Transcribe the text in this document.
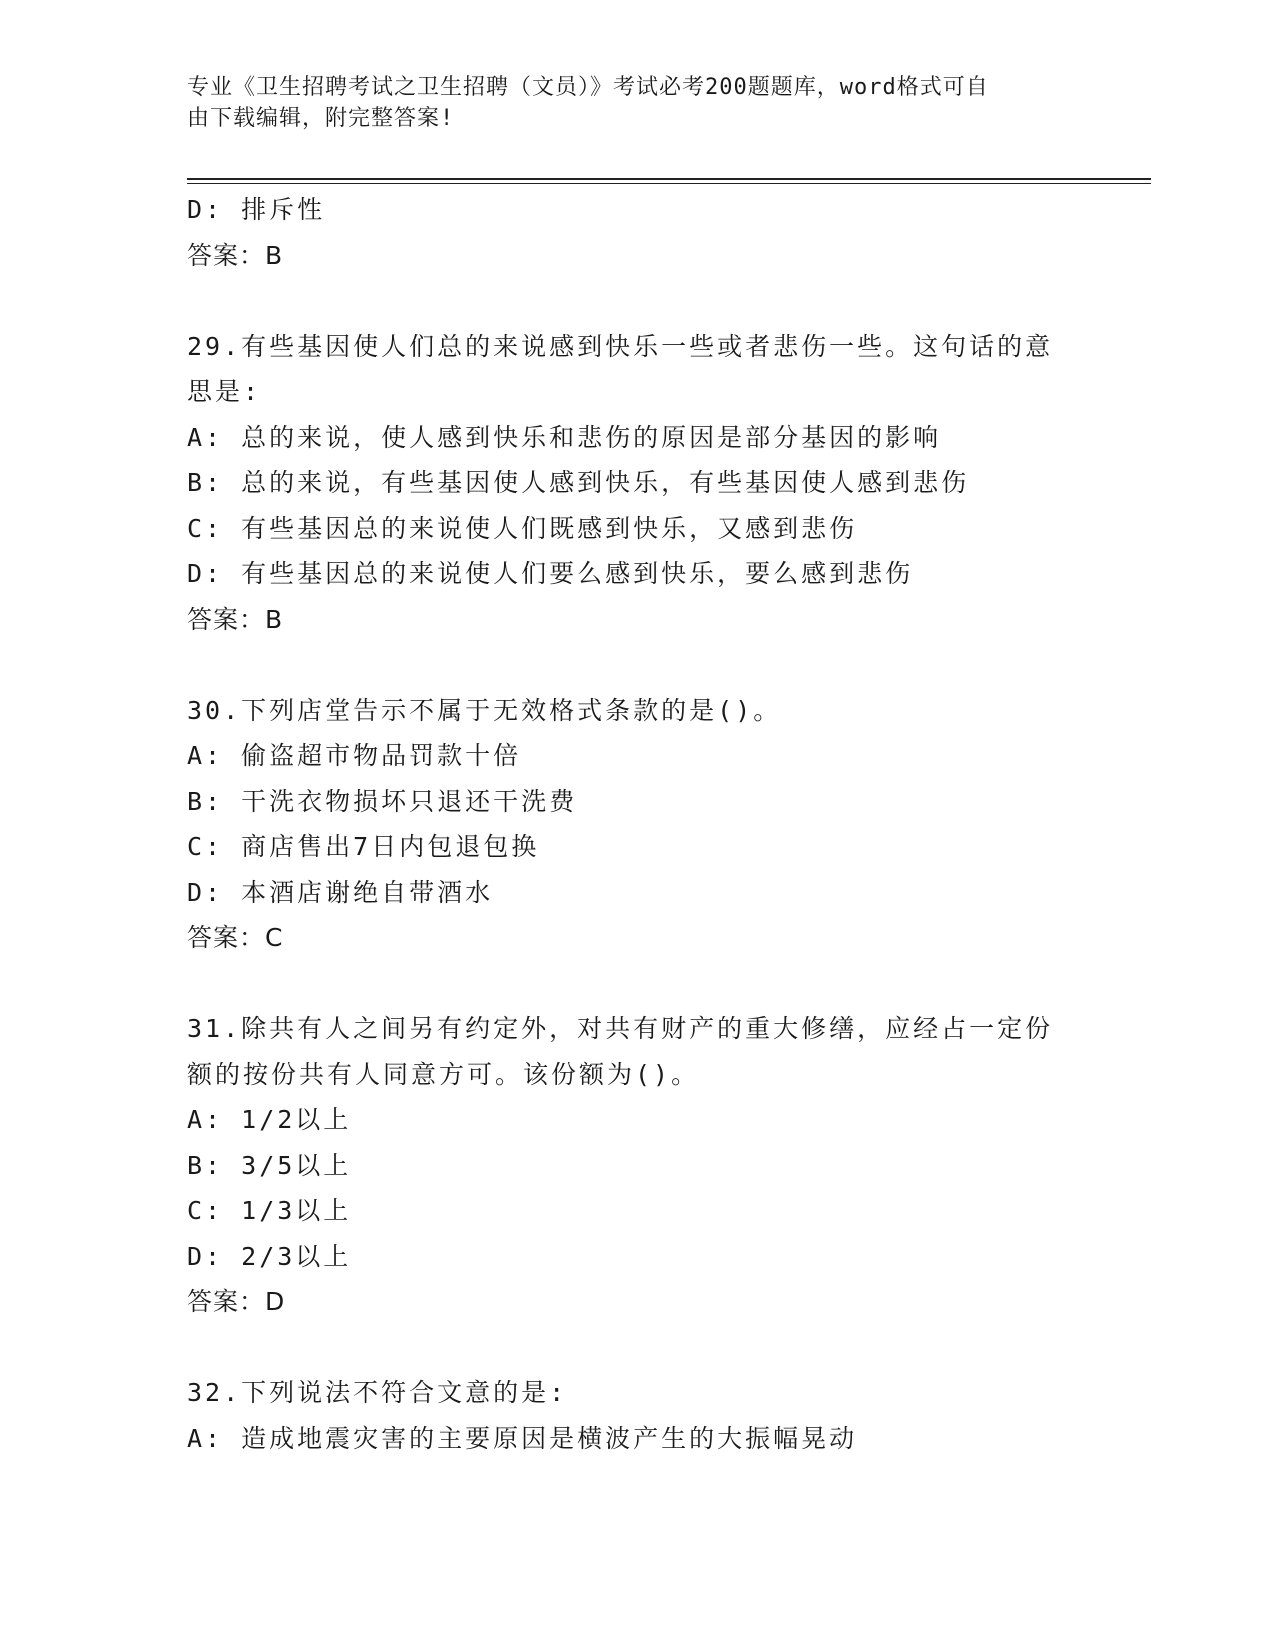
专业《卫生招聘考试之卫生招聘（文员）》考试必考200题题库，word格式可自
由下载编辑，附完整答案!
D: 排斥性
答案：B
29.有些基因使人们总的来说感到快乐一些或者悲伤一些。这句话的意
思是:
A: 总的来说，使人感到快乐和悲伤的原因是部分基因的影响
B: 总的来说，有些基因使人感到快乐，有些基因使人感到悲伤
C: 有些基因总的来说使人们既感到快乐，又感到悲伤
D: 有些基因总的来说使人们要么感到快乐，要么感到悲伤
答案：B
30.下列店堂告示不属于无效格式条款的是()。
A: 偷盗超市物品罚款十倍
B: 干洗衣物损坏只退还干洗费
C: 商店售出7日内包退包换
D: 本酒店谢绝自带酒水
答案：C
31.除共有人之间另有约定外，对共有财产的重大修缮，应经占一定份
额的按份共有人同意方可。该份额为()。
A: 1/2以上
B: 3/5以上
C: 1/3以上
D: 2/3以上
答案：D
32.下列说法不符合文意的是:
A: 造成地震灾害的主要原因是横波产生的大振幅晃动
